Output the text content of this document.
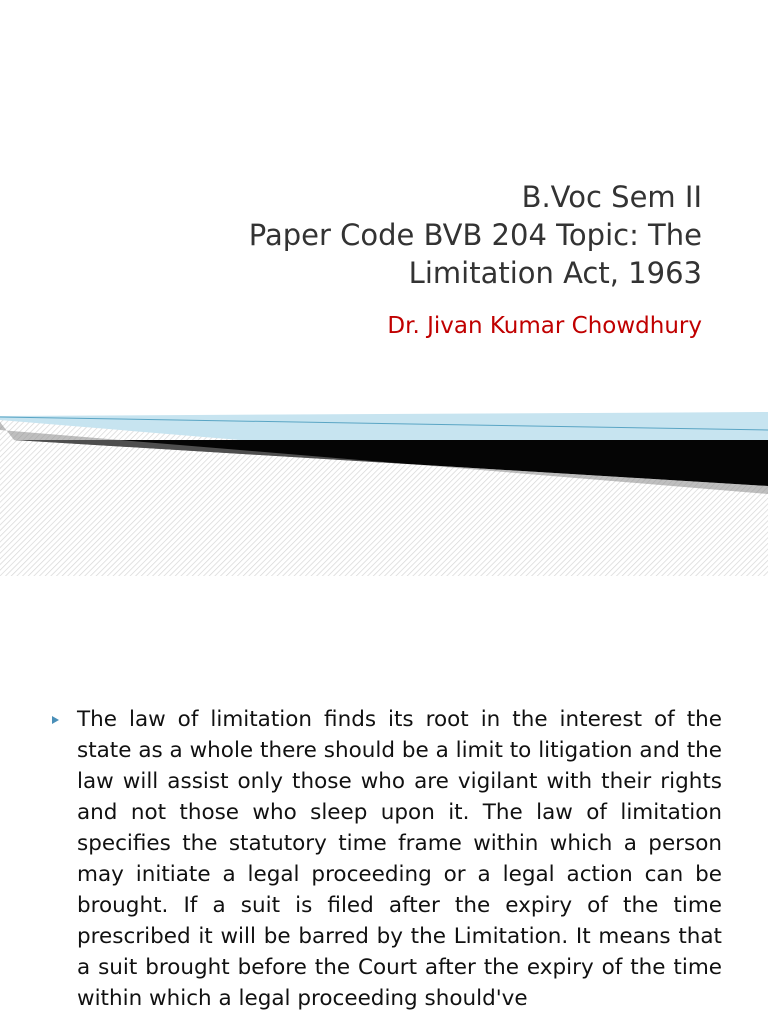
B.Voc Sem II
Paper Code BVB 204 Topic: The
Limitation Act, 1963
Dr. Jivan Kumar Chowdhury
The law of limitation finds its root in the interest of the state as a whole there should be a limit to litigation and the law will assist only those who are vigilant with their rights and not those who sleep upon it. The law of limitation specifies the statutory time frame within which a person may initiate a legal proceeding or a legal action can be brought. If a suit is filed after the expiry of the time prescribed it will be barred by the Limitation. It means that a suit brought before the Court after the expiry of the time within which a legal proceeding should've
